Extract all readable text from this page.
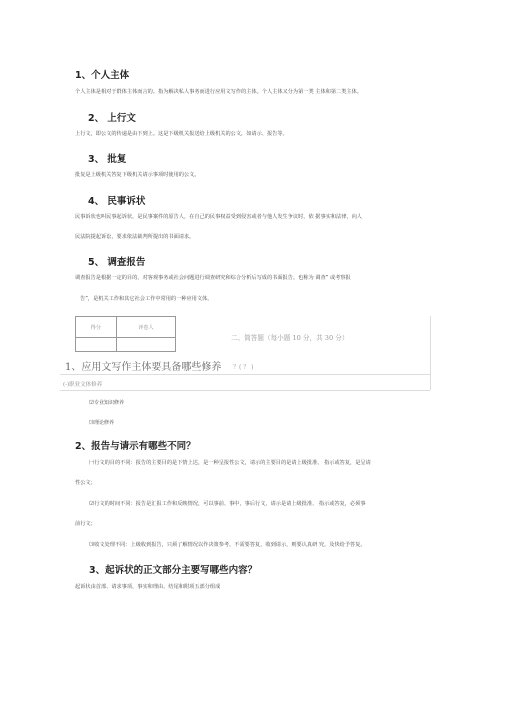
1、个人主体
个人主体是相对于群体主体而言的。指为解决私人事务而进行应用文写作的主体。个人主体又分为第一类 主体和第二类主体。
2、 上行文
上行文，即公文的传递是由下到上。这是下级机关报送给上级机关的公文，如请示、报告等。
3、 批复
批复是上级机关答复下级机关请示事项时使用的公文。
4、 民事诉状
民事诉状也叫民事起诉状，是民事案件的原告人，在自己的民事权益受到侵害或者与他人发生争议时，依 据事实和法律，向人
民法院提起诉讼，要求依法裁判所提出的书面请求。
5、 调查报告
调查报告是根据一定的目的，对客观事务或社会问题进行调查研究和综合分析后写成的书面报告。也称为 调查” 或考察报
告”，是机关工作和其它社会工作中常用的一种应用文体。
得分	评卷人

二、简答题（每小题 10 分，共 30 分）
1、应用文写作主体要具备哪些修养 ？( ？ )
(-)职业文体修养
⑵专业知识修养
⑶理论修养
2、报告与请示有哪些不同？
㈠行文的目的不同：报告的主要目的是下情上达，是一种呈报性公文，请示的主要目的是请上级批准、 指示或答复，是呈请
性公文；
⑵行文的时间不同：报告是汇报工作和反映情况，可以事前、事中，事后行文，请示是请上级批准、 指示或答复，必须事
前行文；
⑶收文处理不同：上级收到报告，只须了解情况以作决策参考，不需要答复，收到请示，则要认真研 究，及快给予答复。
3、起诉状的正文部分主要写哪些内容？
起诉状由首部、请求事项，事实和理由、结尾和附项五部分组成
